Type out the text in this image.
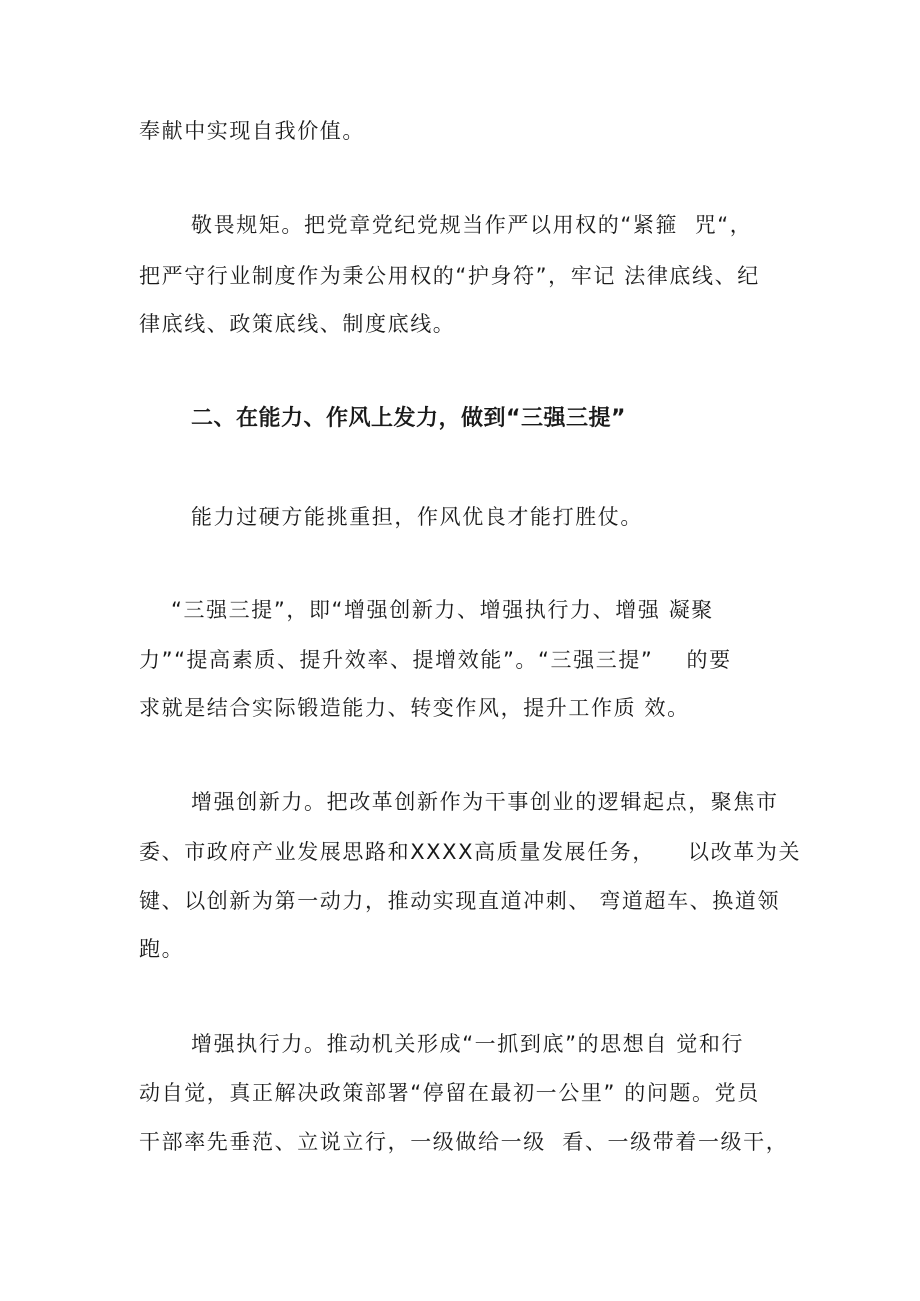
奉献中实现自我价值。

敬畏规矩。把党章党纪党规当作严以用权的“紧箍  咒“，

把严守行业制度作为秉公用权的“护身符”，牢记 法律底线、纪

律底线、政策底线、制度底线。

二、在能力、作风上发力，做到“三强三提”

能力过硬方能挑重担，作风优良才能打胜仗。

“三强三提”，即“增强创新力、增强执行力、增强 凝聚

力”“提高素质、提升效率、提增效能”。“三强三提”    的要

求就是结合实际锻造能力、转变作风，提升工作质 效。

增强创新力。把改革创新作为干事创业的逻辑起点，聚焦市

委、市政府产业发展思路和XXXX高质量发展任务，    以改革为关

键、以创新为第一动力，推动实现直道冲刺、 弯道超车、换道领

跑。

增强执行力。推动机关形成“一抓到底”的思想自 觉和行

动自觉，真正解决政策部署“停留在最初一公里” 的问题。党员

干部率先垂范、立说立行，一级做给一级  看、一级带着一级干，
